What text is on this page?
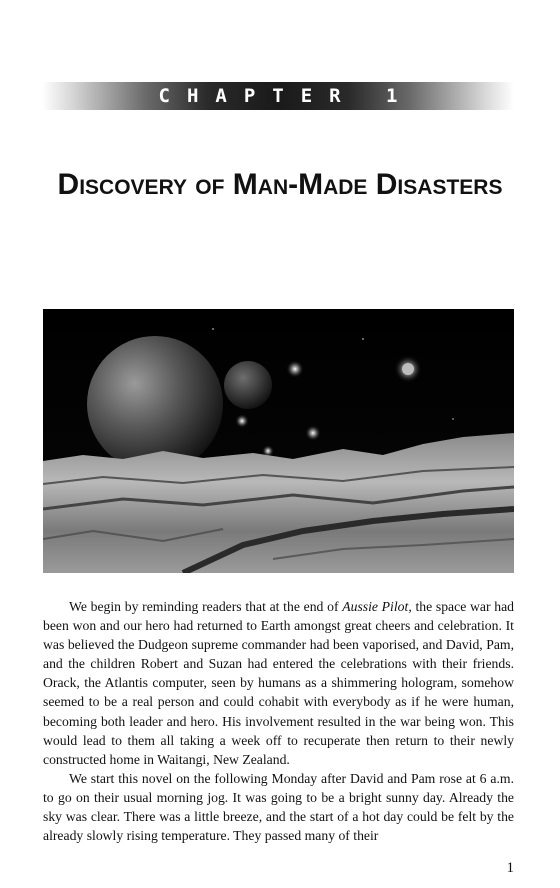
CHAPTER 1
Discovery of Man-Made Disasters

We begin by reminding readers that at the end of Aussie Pilot, the space war had been won and our hero had returned to Earth amongst great cheers and celebration. It was believed the Dudgeon supreme commander had been vaporised, and David, Pam, and the children Robert and Suzan had entered the celebrations with their friends. Orack, the Atlantis computer, seen by humans as a shimmering hologram, somehow seemed to be a real person and could cohabit with everybody as if he were human, becoming both leader and hero. His involvement resulted in the war being won. This would lead to them all taking a week off to recuperate then return to their newly constructed home in Waitangi, New Zealand.

We start this novel on the following Monday after David and Pam rose at 6 a.m. to go on their usual morning jog. It was going to be a bright sunny day. Already the sky was clear. There was a little breeze, and the start of a hot day could be felt by the already slowly rising temperature. They passed many of their

1
